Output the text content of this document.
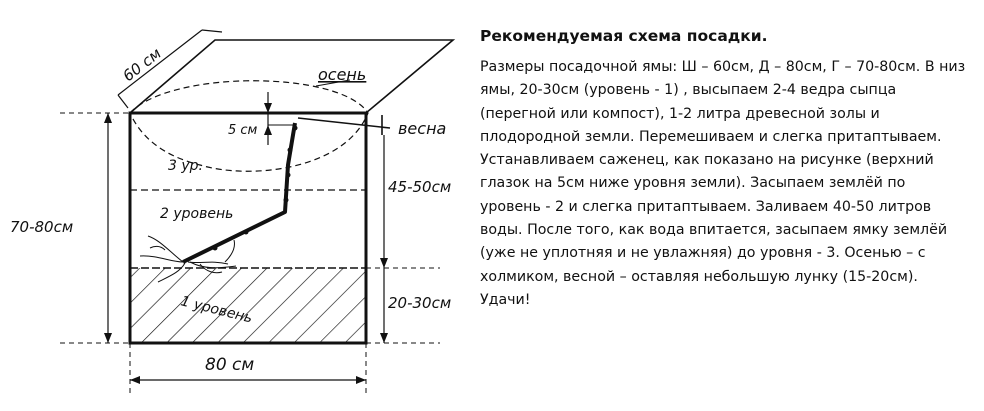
60 см	осень
весна
5 см
3 ур.
2 уровень
1 уровень
70-80см
45-50см
20-30см
80 см

Рекомендуемая схема посадки.

Размеры посадочной ямы: Ш – 60см, Д – 80см, Г – 70-80см. В низ ямы, 20-30см (уровень - 1) , высыпаем 2-4 ведра сыпца (перегной или компост), 1-2 литра древесной золы и плодородной земли. Перемешиваем и слегка притаптываем. Устанавливаем саженец, как показано на рисунке (верхний глазок на 5см ниже уровня земли). Засыпаем землёй по уровень - 2 и слегка притаптываем. Заливаем 40-50 литров воды. После того, как вода впитается, засыпаем ямку землёй (уже не уплотняя и не увлажняя) до уровня - 3. Осенью – с холмиком, весной – оставляя небольшую лунку (15-20см). Удачи!
